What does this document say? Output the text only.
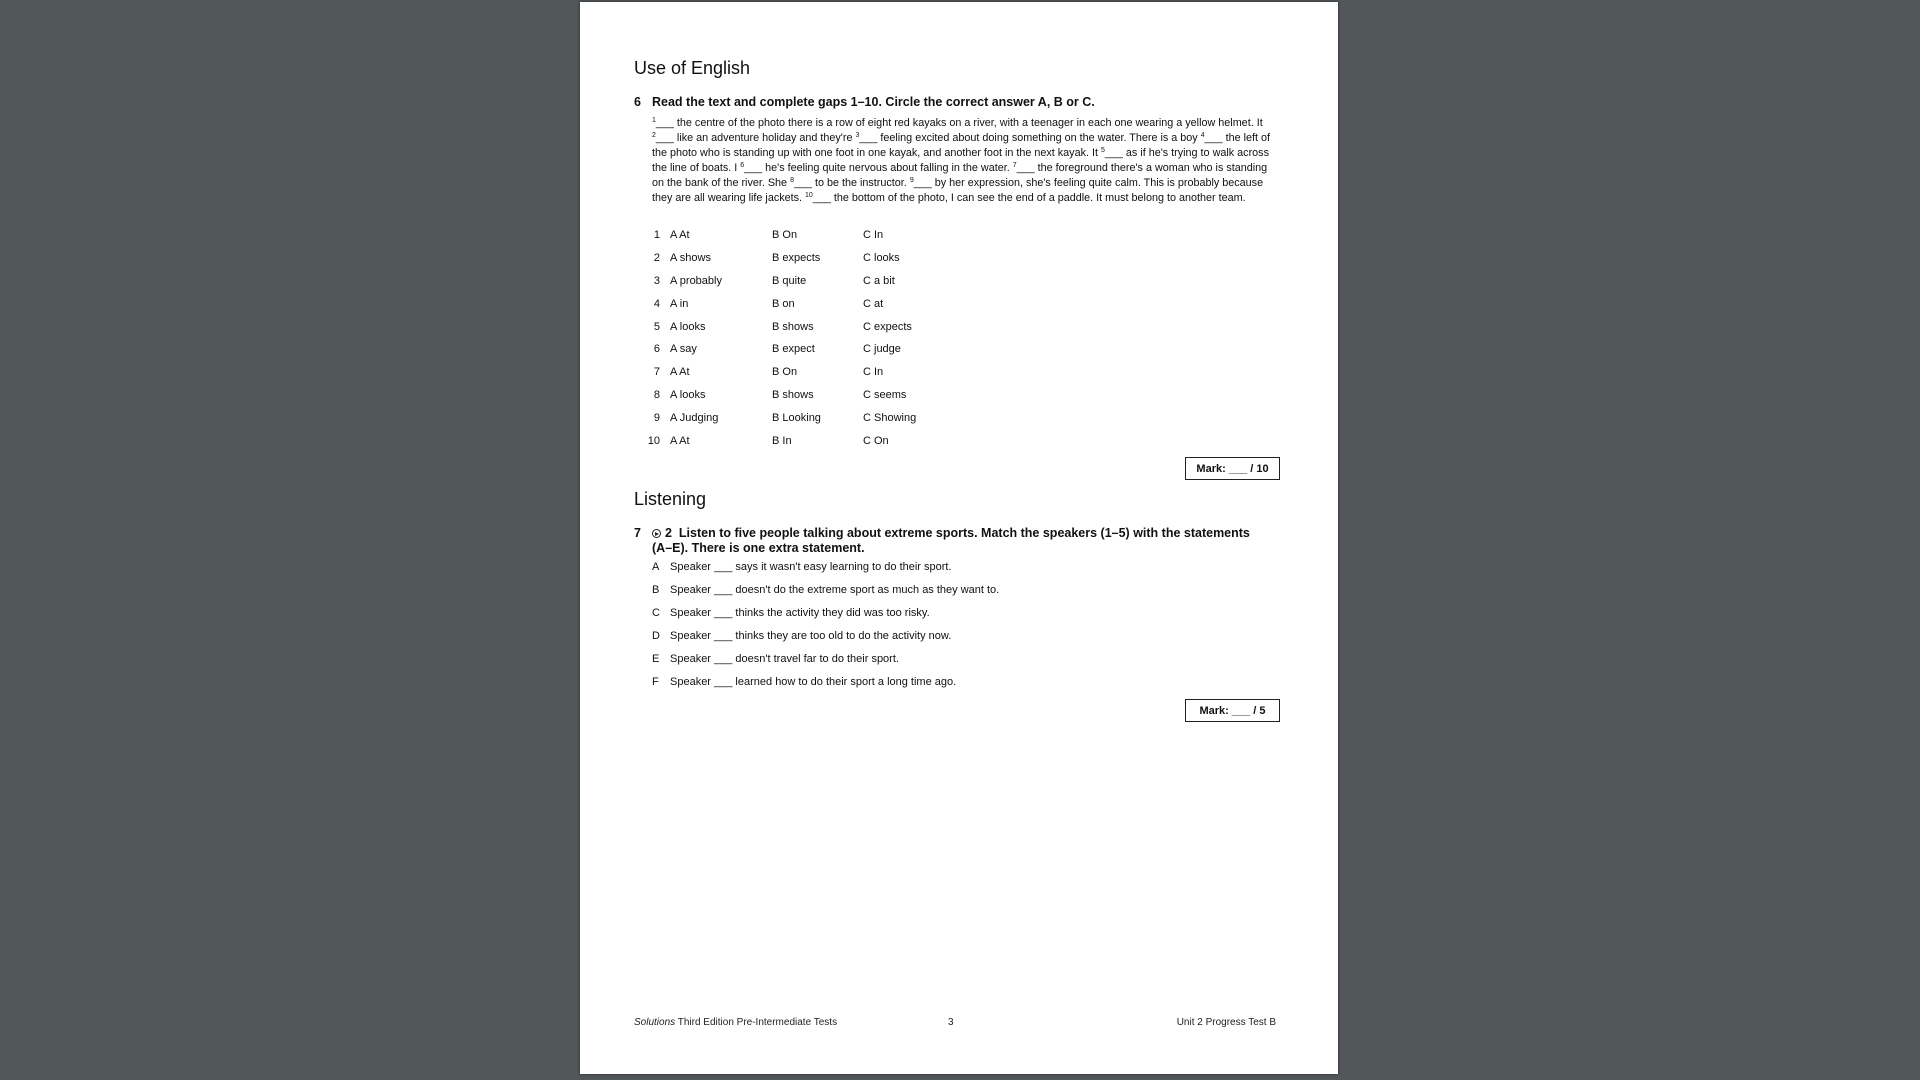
Use of English
6 Read the text and complete gaps 1–10. Circle the correct answer A, B or C.
$^1$___ the centre of the photo there is a row of eight red kayaks on a river, with a teenager in each one wearing a yellow helmet. It $^2$___ like an adventure holiday and they're $^3$___ feeling excited about doing something on the water. There is a boy $^4$___ the left of the photo who is standing up with one foot in one kayak, and another foot in the next kayak. It $^5$___ as if he's trying to walk across the line of boats. I $^6$___ he's feeling quite nervous about falling in the water. $^7$___ the foreground there's a woman who is standing on the bank of the river. She $^8$___ to be the instructor. $^9$___ by her expression, she's feeling quite calm. This is probably because they are all wearing life jackets. $^{10}$___ the bottom of the photo, I can see the end of a paddle. It must belong to another team.
1 A At	B On	C In
2 A shows	B expects	C looks
3 A probably	B quite	C a bit
4 A in	B on	C at
5 A looks	B shows	C expects
6 A say	B expect	C judge
7 A At	B On	C In
8 A looks	B shows	C seems
9 A Judging	B Looking	C Showing
10 A At	B In	C On
Mark: ___ / 10
Listening
7	2 Listen to five people talking about extreme sports. Match the speakers (1–5) with the statements (A–E). There is one extra statement.
A Speaker ___ says it wasn't easy learning to do their sport.
B Speaker ___ doesn't do the extreme sport as much as they want to.
C Speaker ___ thinks the activity they did was too risky.
D Speaker ___ thinks they are too old to do the activity now.
E Speaker ___ doesn't travel far to do their sport.
F Speaker ___ learned how to do their sport a long time ago.
Mark: ___ / 5
Solutions Third Edition Pre-Intermediate Tests	3	Unit 2 Progress Test B
